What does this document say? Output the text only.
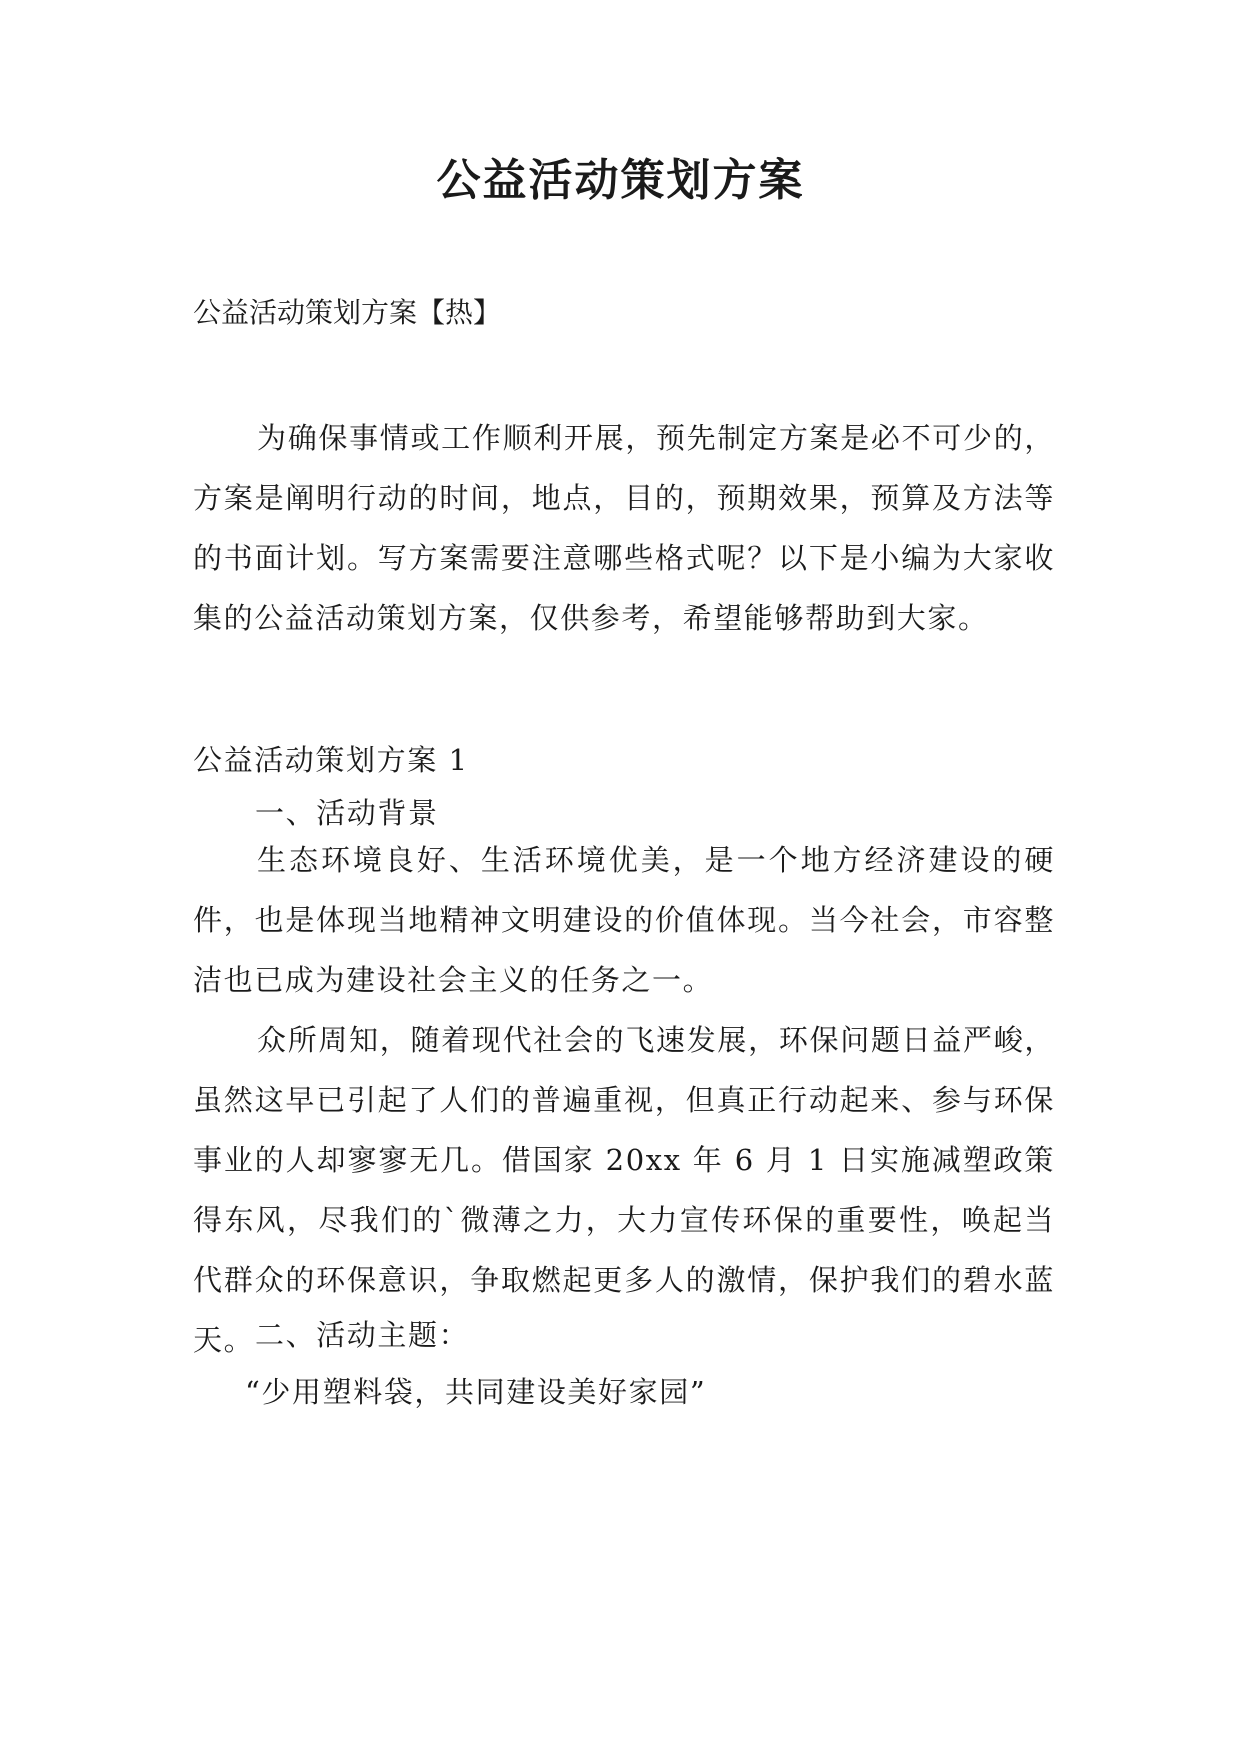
公益活动策划方案
公益活动策划方案【热】

为确保事情或工作顺利开展，预先制定方案是必不可少的，方案是阐明行动的时间，地点，目的，预期效果，预算及方法等的书面计划。写方案需要注意哪些格式呢？以下是小编为大家收集的公益活动策划方案，仅供参考，希望能够帮助到大家。

公益活动策划方案 1
一、活动背景

生态环境良好、生活环境优美，是一个地方经济建设的硬件，也是体现当地精神文明建设的价值体现。当今社会，市容整洁也已成为建设社会主义的任务之一。

众所周知，随着现代社会的飞速发展，环保问题日益严峻，虽然这早已引起了人们的普遍重视，但真正行动起来、参与环保事业的人却寥寥无几。借国家 20xx 年 6 月 1 日实施减塑政策得东风，尽我们的`微薄之力，大力宣传环保的重要性，唤起当代群众的环保意识，争取燃起更多人的激情，保护我们的碧水蓝天。 二、活动主题：
“少用塑料袋，共同建设美好家园”
